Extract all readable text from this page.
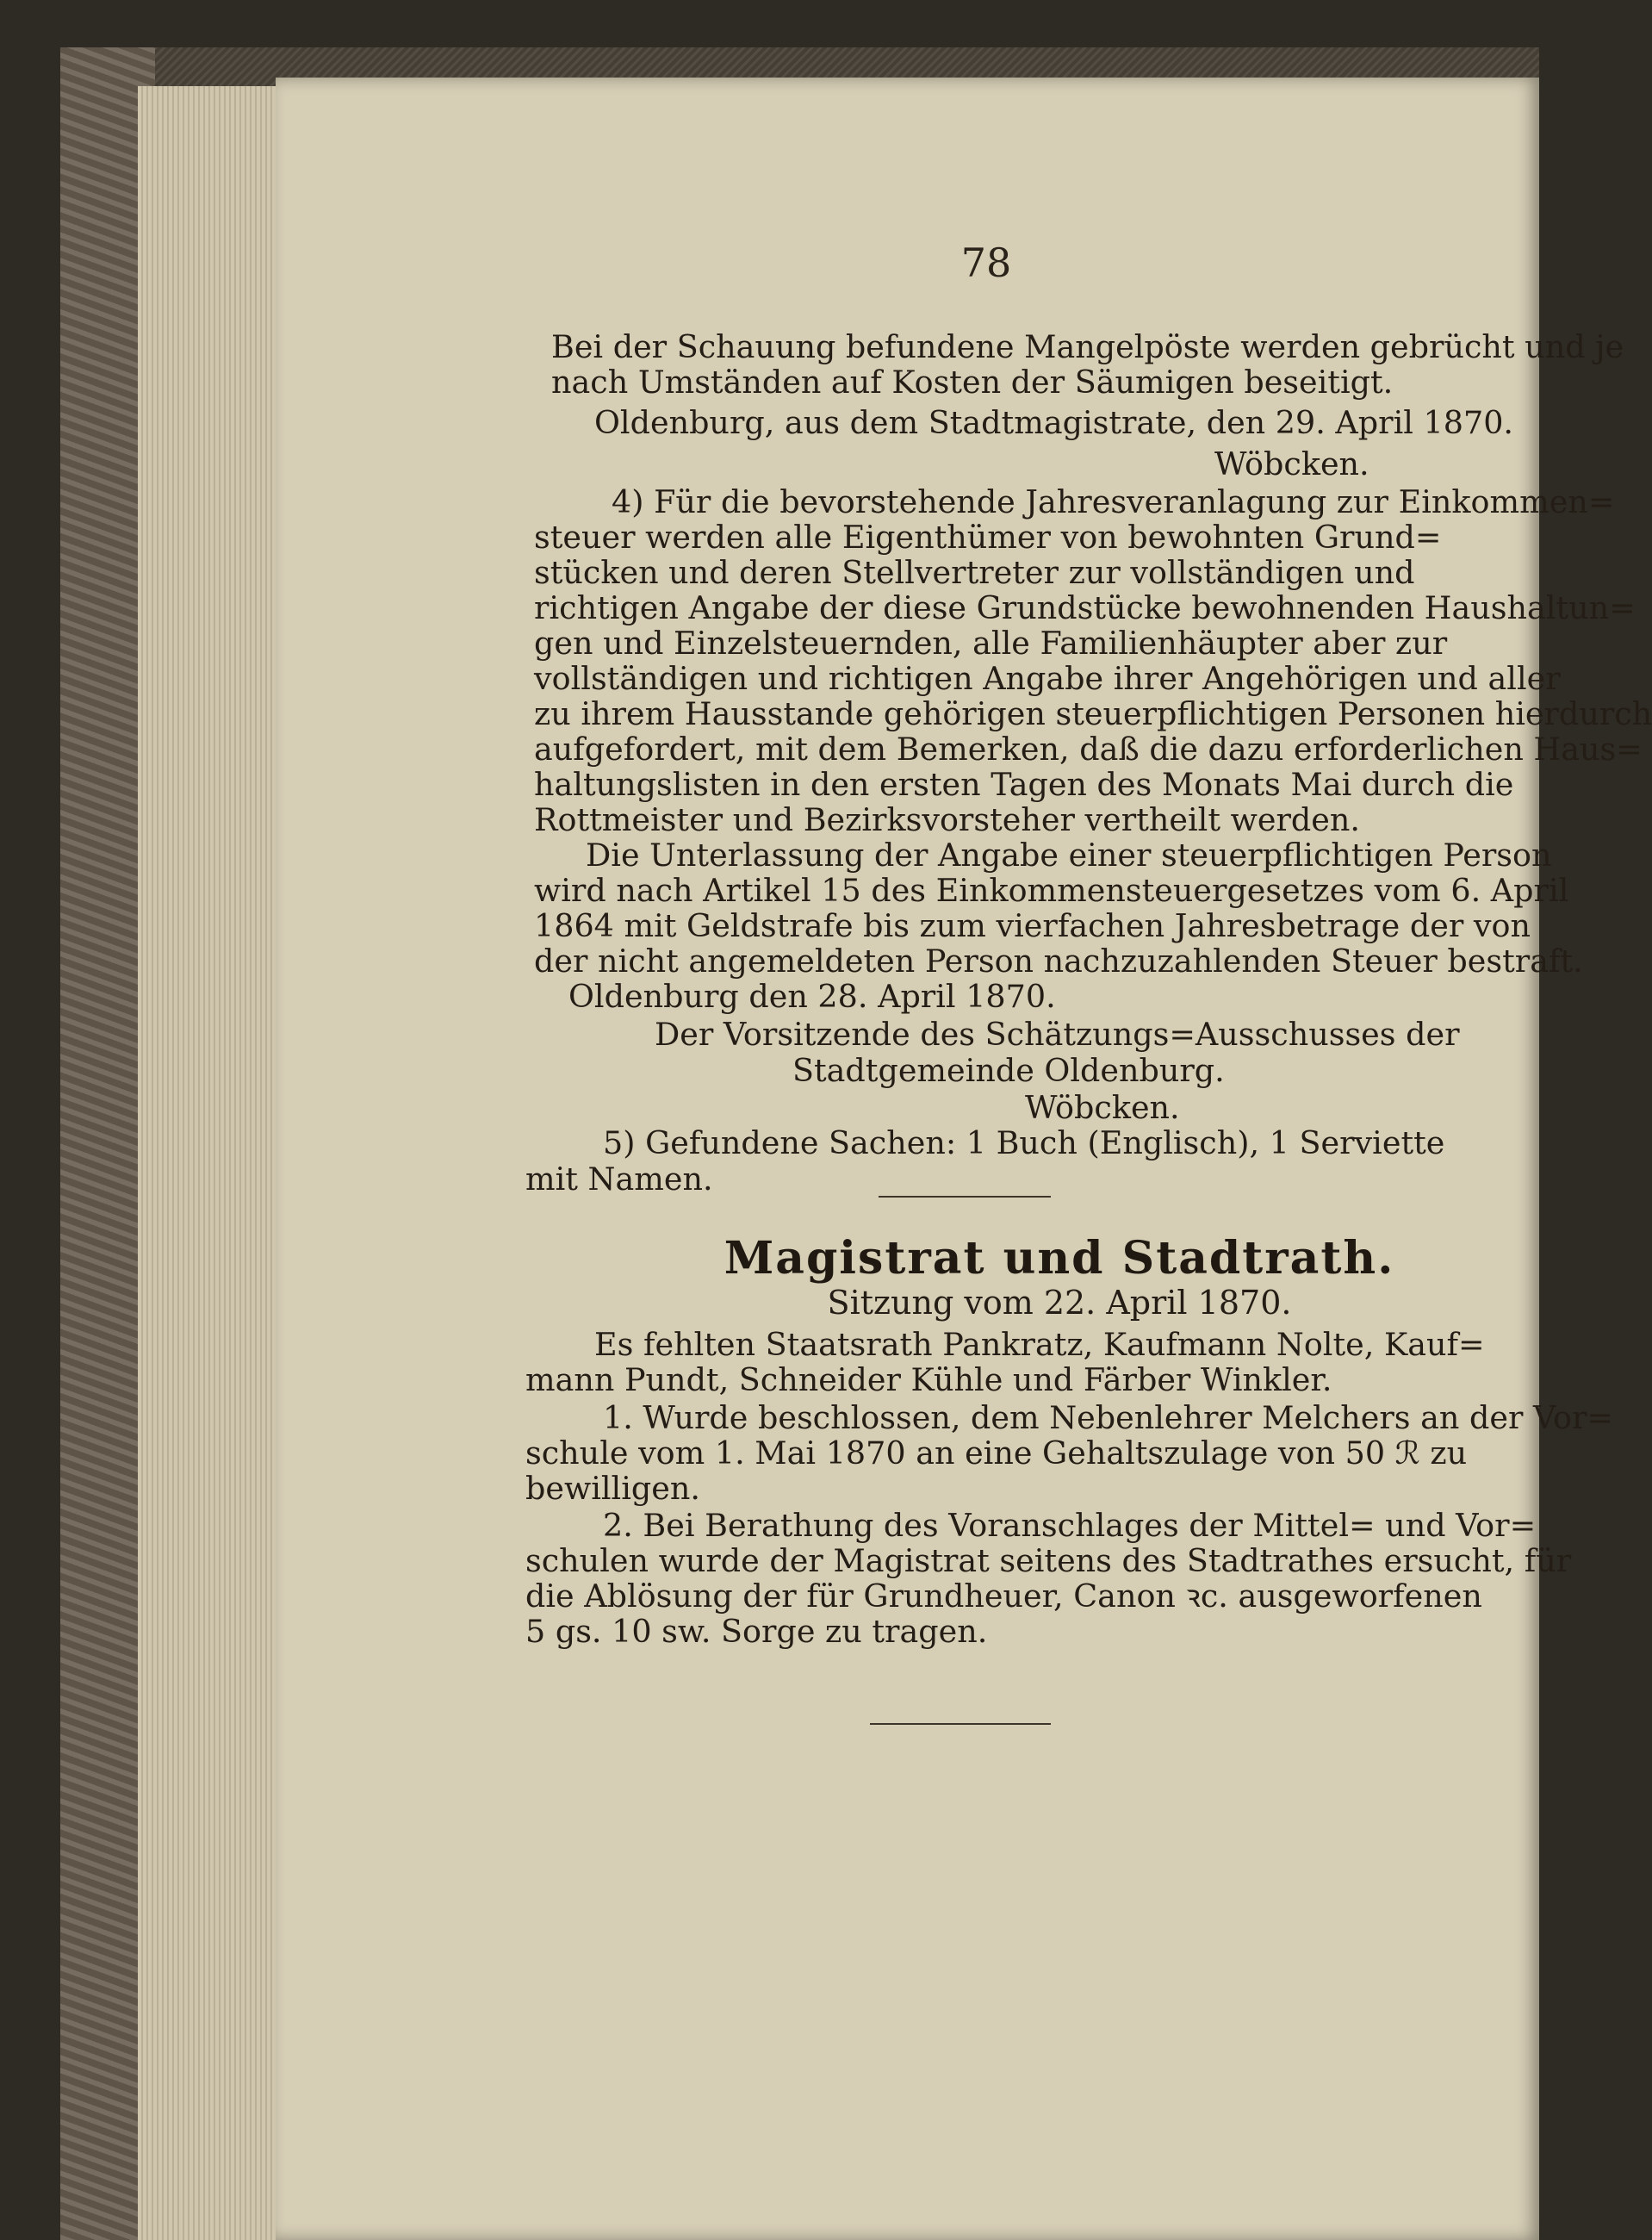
78
Bei der Schauung befundene Mangelpöste werden gebrücht und je
nach Umständen auf Kosten der Säumigen beseitigt.
Oldenburg, aus dem Stadtmagistrate, den 29. April 1870.
Wöbcken.
4) Für die bevorstehende Jahresveranlagung zur Einkommen=
steuer werden alle Eigenthümer von bewohnten Grund=
stücken und deren Stellvertreter zur vollständigen und
richtigen Angabe der diese Grundstücke bewohnenden Haushaltun=
gen und Einzelsteuernden, alle Familienhäupter aber zur
vollständigen und richtigen Angabe ihrer Angehörigen und aller
zu ihrem Hausstande gehörigen steuerpflichtigen Personen hierdurch
aufgefordert, mit dem Bemerken, daß die dazu erforderlichen Haus=
haltungslisten in den ersten Tagen des Monats Mai durch die
Rottmeister und Bezirksvorsteher vertheilt werden.
Die Unterlassung der Angabe einer steuerpflichtigen Person
wird nach Artikel 15 des Einkommensteuergesetzes vom 6. April
1864 mit Geldstrafe bis zum vierfachen Jahresbetrage der von
der nicht angemeldeten Person nachzuzahlenden Steuer bestraft.
Oldenburg den 28. April 1870.
Der Vorsitzende des Schätzungs=Ausschusses der
Stadtgemeinde Oldenburg.
Wöbcken.
5) Gefundene Sachen: 1 Buch (Englisch), 1 Serviette
mit Namen.
Magistrat und Stadtrath.
Sitzung vom 22. April 1870.
Es fehlten Staatsrath Pankratz, Kaufmann Nolte, Kauf=
mann Pundt, Schneider Kühle und Färber Winkler.
1. Wurde beschlossen, dem Nebenlehrer Melchers an der Vor=
schule vom 1. Mai 1870 an eine Gehaltszulage von 50 ℛ zu
bewilligen.
2. Bei Berathung des Voranschlages der Mittel= und Vor=
schulen wurde der Magistrat seitens des Stadtrathes ersucht, für
die Ablösung der für Grundheuer, Canon ꝛc. ausgeworfenen
5 gs. 10 sw. Sorge zu tragen.
